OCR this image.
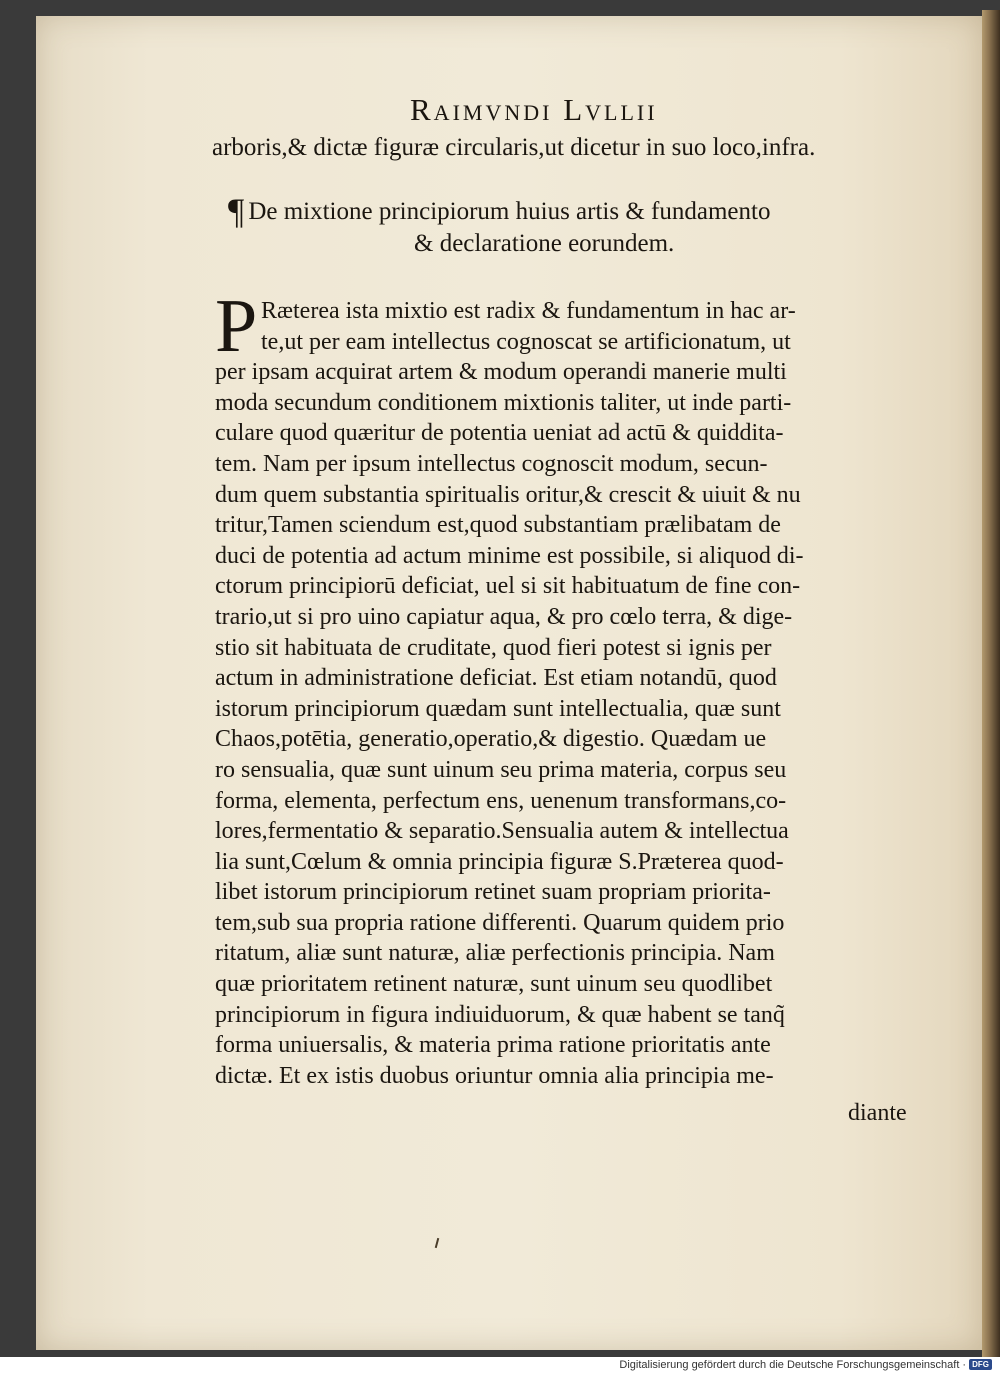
Raimvndi Lvllii
arboris,& dictæ figuræ circularis,ut dicetur in suo loco,infra.
¶ De mixtione principiorum huius artis & fundamento
& declaratione eorundem.
P Ræterea ista mixtio est radix & fundamentum in hac ar-
te,ut per eam intellectus cognoscat se artificionatum, ut
per ipsam acquirat artem & modum operandi manerie multi
moda secundum conditionem mixtionis taliter, ut inde parti-
culare quod quæritur de potentia ueniat ad actū & quiddita-
tem. Nam per ipsum intellectus cognoscit modum, secun-
dum quem substantia spiritualis oritur,& crescit & uiuit & nu
tritur,Tamen sciendum est,quod substantiam prælibatam de
duci de potentia ad actum minime est possibile, si aliquod di-
ctorum principiorū deficiat, uel si sit habituatum de fine con-
trario,ut si pro uino capiatur aqua, & pro cœlo terra, & dige-
stio sit habituata de cruditate, quod fieri potest si ignis per
actum in administratione deficiat. Est etiam notandū, quod
istorum principiorum quædam sunt intellectualia, quæ sunt
Chaos,potētia, generatio,operatio,& digestio. Quædam ue
ro sensualia, quæ sunt uinum seu prima materia, corpus seu
forma, elementa, perfectum ens, uenenum transformans,co-
lores,fermentatio & separatio.Sensualia autem & intellectua
lia sunt,Cœlum & omnia principia figuræ S.Præterea quod-
libet istorum principiorum retinet suam propriam priorita-
tem,sub sua propria ratione differenti. Quarum quidem prio
ritatum, aliæ sunt naturæ, aliæ perfectionis principia. Nam
quæ prioritatem retinent naturæ, sunt uinum seu quodlibet
principiorum in figura indiuiduorum, & quæ habent se tanq̃
forma uniuersalis, & materia prima ratione prioritatis ante
dictæ. Et ex istis duobus oriuntur omnia alia principia me-
diante
Digitalisierung gefördert durch die Deutsche Forschungsgemeinschaft · DFG
